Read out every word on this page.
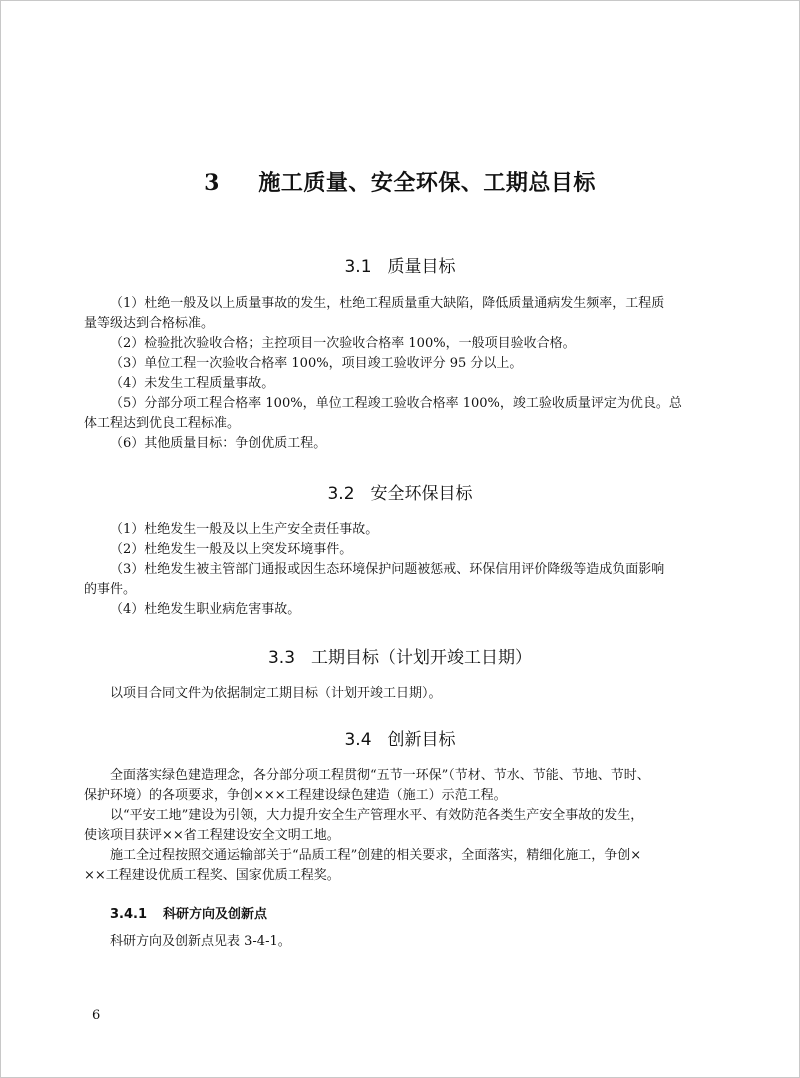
3 施工质量、安全环保、工期总目标
3.1 质量目标
（1）杜绝一般及以上质量事故的发生，杜绝工程质量重大缺陷，降低质量通病发生频率，工程质
量等级达到合格标准。
（2）检验批次验收合格；主控项目一次验收合格率 100%，一般项目验收合格。
（3）单位工程一次验收合格率 100%，项目竣工验收评分 95 分以上。
（4）未发生工程质量事故。
（5）分部分项工程合格率 100%，单位工程竣工验收合格率 100%，竣工验收质量评定为优良。总
体工程达到优良工程标准。
（6）其他质量目标：争创优质工程。
3.2 安全环保目标
（1）杜绝发生一般及以上生产安全责任事故。
（2）杜绝发生一般及以上突发环境事件。
（3）杜绝发生被主管部门通报或因生态环境保护问题被惩戒、环保信用评价降级等造成负面影响
的事件。
（4）杜绝发生职业病危害事故。
3.3 工期目标（计划开竣工日期）
以项目合同文件为依据制定工期目标（计划开竣工日期）。
3.4 创新目标
全面落实绿色建造理念，各分部分项工程贯彻“五节一环保”（节材、节水、节能、节地、节时、
保护环境）的各项要求，争创×××工程建设绿色建造（施工）示范工程。
以“平安工地”建设为引领，大力提升安全生产管理水平、有效防范各类生产安全事故的发生，
使该项目获评××省工程建设安全文明工地。
施工全过程按照交通运输部关于“品质工程”创建的相关要求，全面落实，精细化施工，争创×
××工程建设优质工程奖、国家优质工程奖。
3.4.1 科研方向及创新点
科研方向及创新点见表 3-4-1。
6
